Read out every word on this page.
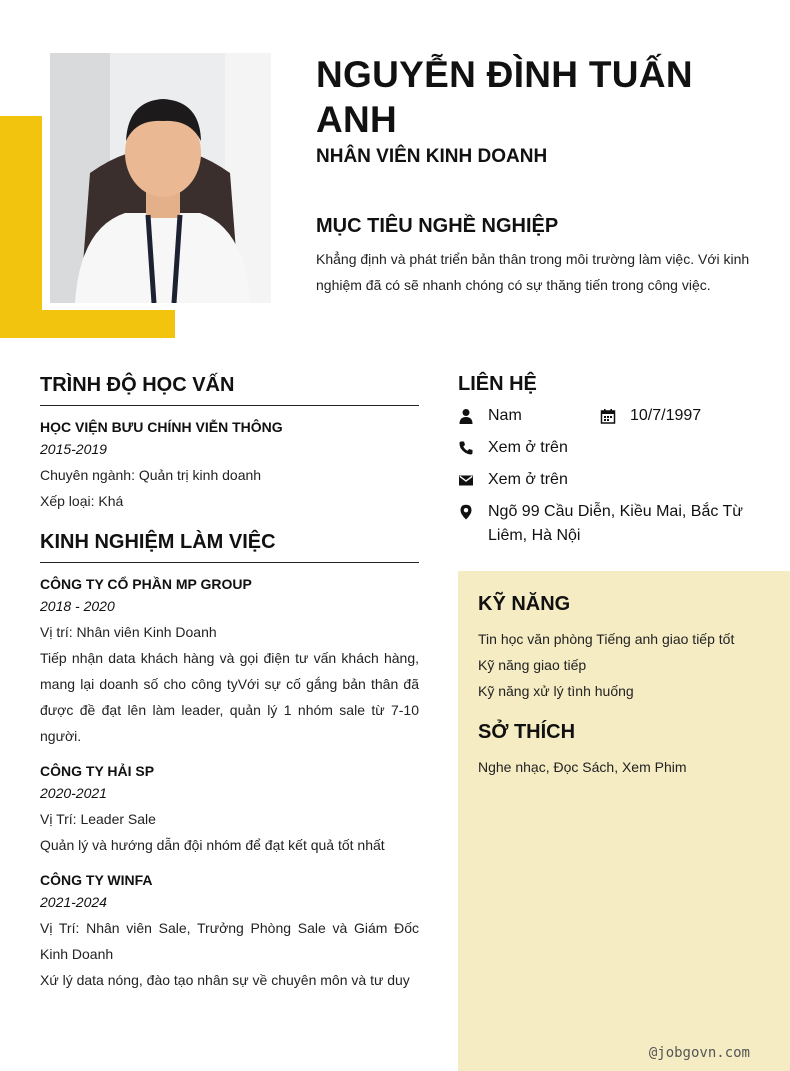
NGUYỄN ĐÌNH TUẤN ANH
NHÂN VIÊN KINH DOANH
MỤC TIÊU NGHỀ NGHIỆP

Khẳng định và phát triển bản thân trong môi trường làm việc. Với kinh nghiệm đã có sẽ nhanh chóng có sự thăng tiến trong công việc.

TRÌNH ĐỘ HỌC VẤN

HỌC VIỆN BƯU CHÍNH VIỄN THÔNG

2015-2019

Chuyên ngành: Quản trị kinh doanh

Xếp loại: Khá

KINH NGHIỆM LÀM VIỆC

CÔNG TY CỔ PHẦN MP GROUP

2018 - 2020

Vị trí: Nhân viên Kinh Doanh

Tiếp nhận data khách hàng và gọi điện tư vấn khách hàng, mang lại doanh số cho công tyVới sự cố gắng bản thân đã được đề đạt lên làm leader, quản lý 1 nhóm sale từ 7-10 người.

CÔNG TY HẢI SP

2020-2021

Vị Trí: Leader Sale

Quản lý và hướng dẫn đội nhóm để đạt kết quả tốt nhất

CÔNG TY WINFA

2021-2024

Vị Trí: Nhân viên Sale, Trưởng Phòng Sale và Giám Đốc Kinh Doanh

Xứ lý data nóng, đào tạo nhân sự về chuyên môn và tư duy

LIÊN HỆ
Nam	10/7/1997
Xem ở trên
Xem ở trên
Ngõ 99 Cầu Diễn, Kiều Mai, Bắc Từ Liêm, Hà Nội
KỸ NĂNG

Tin học văn phòng Tiếng anh giao tiếp tốt

Kỹ năng giao tiếp

Kỹ năng xử lý tình huống

SỞ THÍCH

Nghe nhạc, Đọc Sách, Xem Phim

@jobgovn.com
